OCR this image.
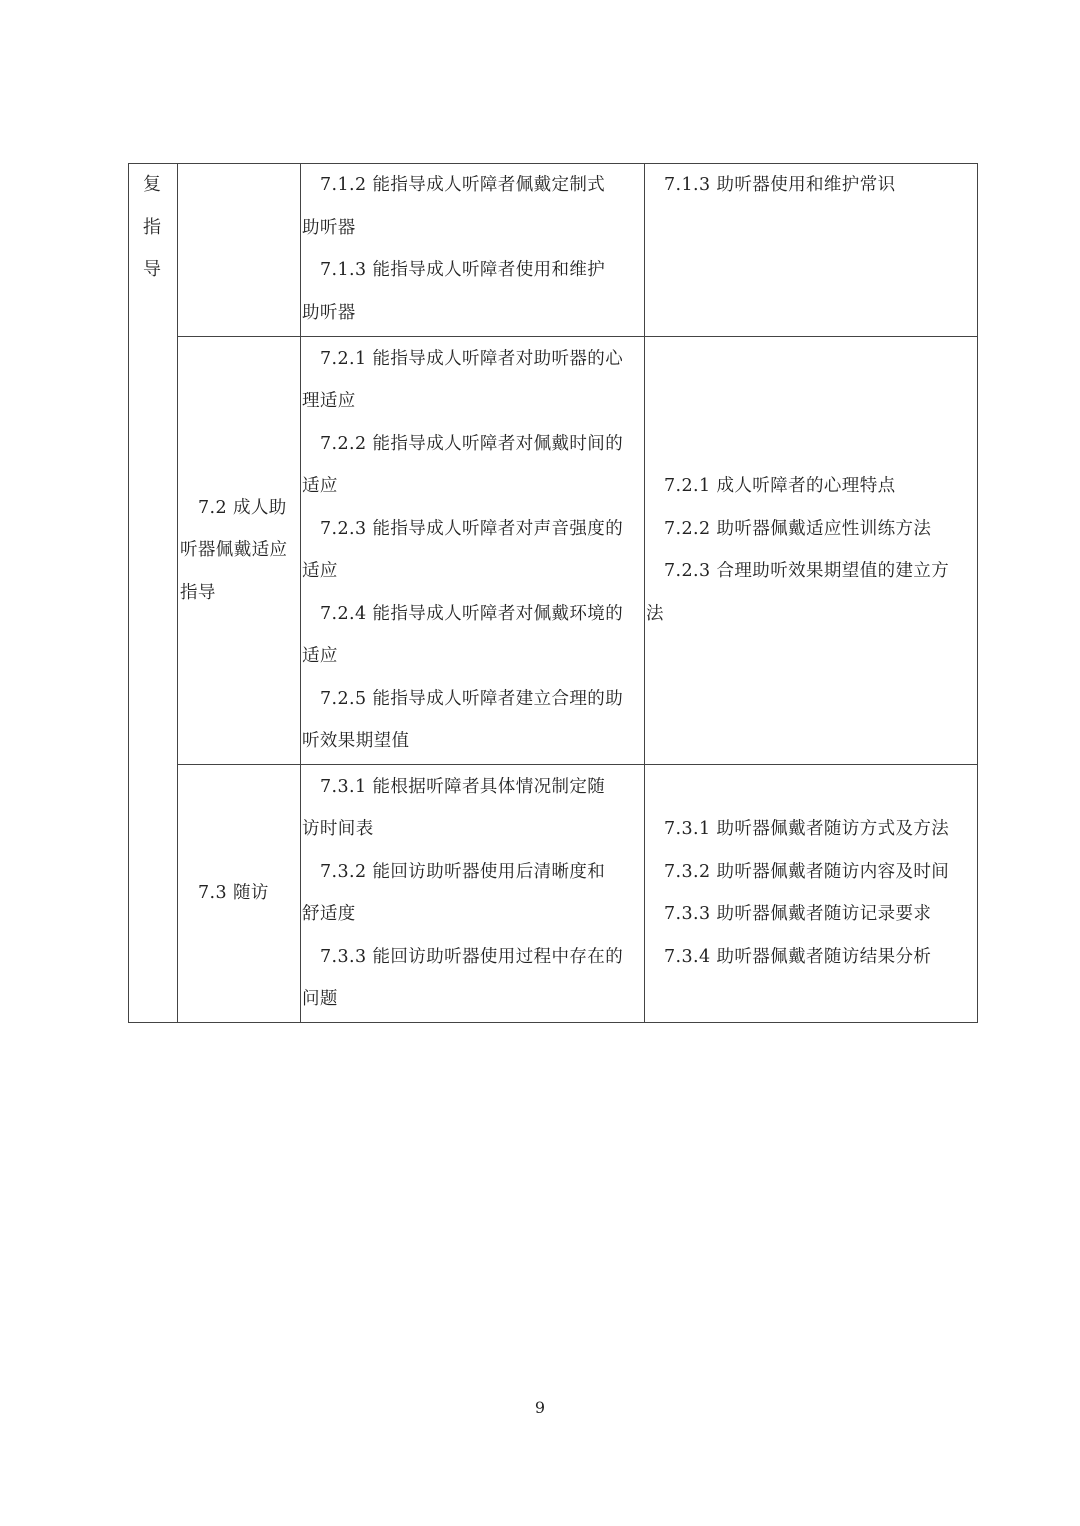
复
指
导
7.1.2 能指导成人听障者佩戴定制式
助听器
7.1.3 能指导成人听障者使用和维护
助听器
7.1.3 助听器使用和维护常识
7.2 成人助
听器佩戴适应
指导
7.2.1 能指导成人听障者对助听器的心
理适应
7.2.2 能指导成人听障者对佩戴时间的
适应
7.2.3 能指导成人听障者对声音强度的
适应
7.2.4 能指导成人听障者对佩戴环境的
适应
7.2.5 能指导成人听障者建立合理的助
听效果期望值
7.2.1 成人听障者的心理特点
7.2.2 助听器佩戴适应性训练方法
7.2.3 合理助听效果期望值的建立方
法
7.3 随访
7.3.1 能根据听障者具体情况制定随
访时间表
7.3.2 能回访助听器使用后清晰度和
舒适度
7.3.3 能回访助听器使用过程中存在的
问题
7.3.1 助听器佩戴者随访方式及方法
7.3.2 助听器佩戴者随访内容及时间
7.3.3 助听器佩戴者随访记录要求
7.3.4 助听器佩戴者随访结果分析
9
